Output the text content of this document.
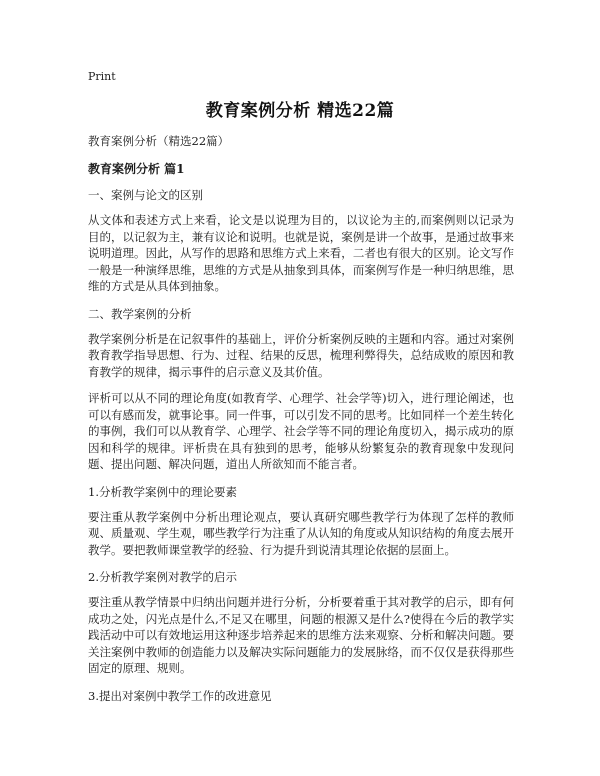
Print
教育案例分析 精选22篇
教育案例分析（精选22篇）
教育案例分析 篇1
一、案例与论文的区别
从文体和表述方式上来看，论文是以说理为目的，以议论为主的,而案例则以记录为目的，以记叙为主，兼有议论和说明。也就是说，案例是讲一个故事，是通过故事来说明道理。因此，从写作的思路和思维方式上来看，二者也有很大的区别。论文写作一般是一种演绎思维，思维的方式是从抽象到具体，而案例写作是一种归纳思维，思维的方式是从具体到抽象。
二、教学案例的分析
教学案例分析是在记叙事件的基础上，评价分析案例反映的主题和内容。通过对案例教育教学指导思想、行为、过程、结果的反思，梳理利弊得失，总结成败的原因和教育教学的规律，揭示事件的启示意义及其价值。
评析可以从不同的理论角度(如教育学、心理学、社会学等)切入，进行理论阐述，也可以有感而发，就事论事。同一件事，可以引发不同的思考。比如同样一个差生转化的事例，我们可以从教育学、心理学、社会学等不同的理论角度切入，揭示成功的原因和科学的规律。评析贵在具有独到的思考，能够从纷繁复杂的教育现象中发现问题、提出问题、解决问题，道出人所欲知而不能言者。
1.分析教学案例中的理论要素
要注重从教学案例中分析出理论观点，要认真研究哪些教学行为体现了怎样的教师观、质量观、学生观，哪些教学行为注重了从认知的角度或从知识结构的角度去展开教学。要把教师课堂教学的经验、行为提升到说清其理论依据的层面上。
2.分析教学案例对教学的启示
要注重从教学情景中归纳出问题并进行分析，分析要着重于其对教学的启示，即有何成功之处，闪光点是什么,不足又在哪里，问题的根源又是什么?使得在今后的教学实践活动中可以有效地运用这种逐步培养起来的思维方法来观察、分析和解决问题。要关注案例中教师的创造能力以及解决实际问题能力的发展脉络，而不仅仅是获得那些固定的原理、规则。
3.提出对案例中教学工作的改进意见
